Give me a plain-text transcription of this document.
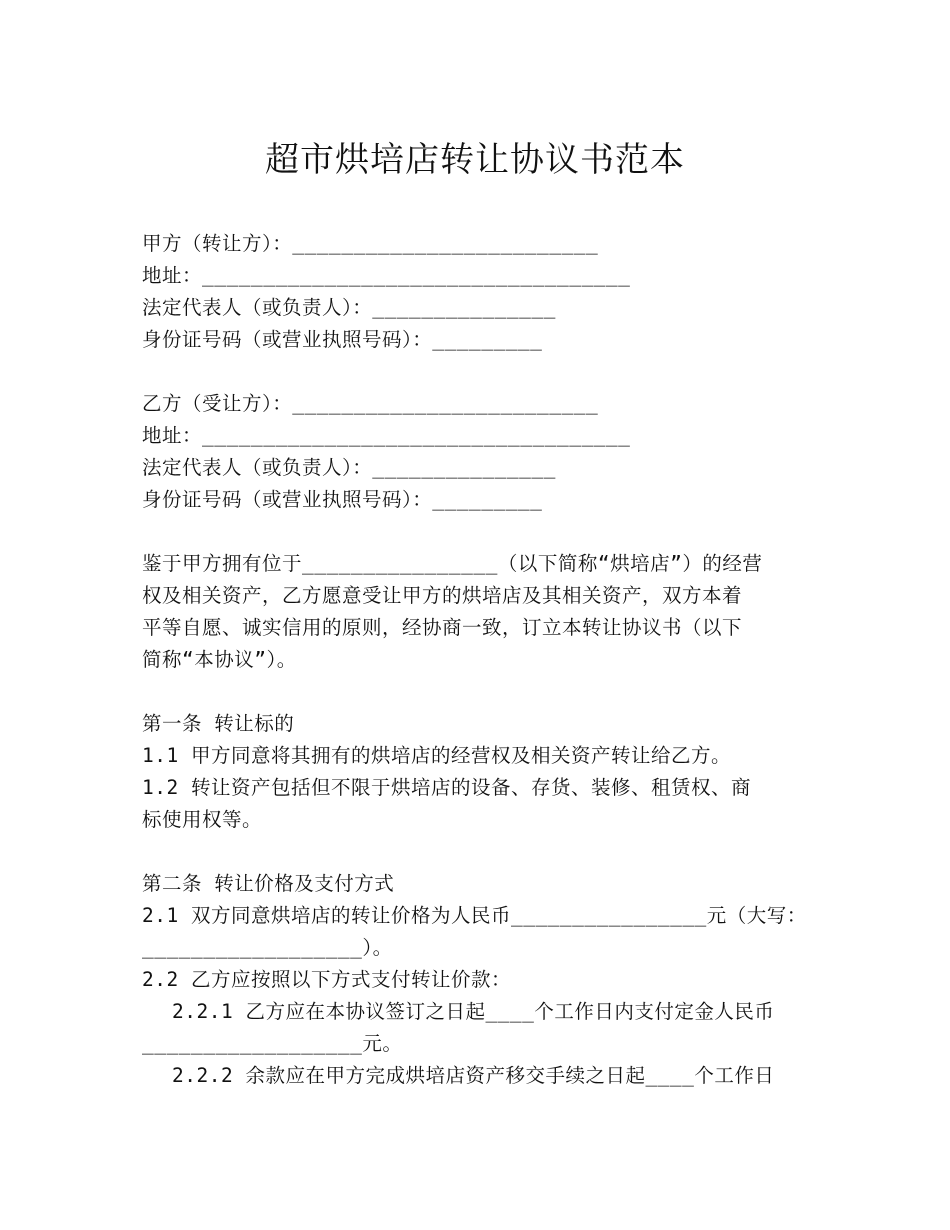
超市烘培店转让协议书范本
甲方（转让方）：_________________________
地址：___________________________________
法定代表人（或负责人）：_______________
身份证号码（或营业执照号码）：_________
乙方（受让方）：_________________________
地址：___________________________________
法定代表人（或负责人）：_______________
身份证号码（或营业执照号码）：_________
鉴于甲方拥有位于________________（以下简称“烘培店”）的经营
权及相关资产，乙方愿意受让甲方的烘培店及其相关资产，双方本着
平等自愿、诚实信用的原则，经协商一致，订立本转让协议书（以下
简称“本协议”）。
第一条 转让标的
1.1 甲方同意将其拥有的烘培店的经营权及相关资产转让给乙方。
1.2 转让资产包括但不限于烘培店的设备、存货、装修、租赁权、商
标使用权等。
第二条 转让价格及支付方式
2.1 双方同意烘培店的转让价格为人民币________________元（大写：
__________________）。
2.2 乙方应按照以下方式支付转让价款：
2.2.1 乙方应在本协议签订之日起____个工作日内支付定金人民币
__________________元。
2.2.2 余款应在甲方完成烘培店资产移交手续之日起____个工作日
